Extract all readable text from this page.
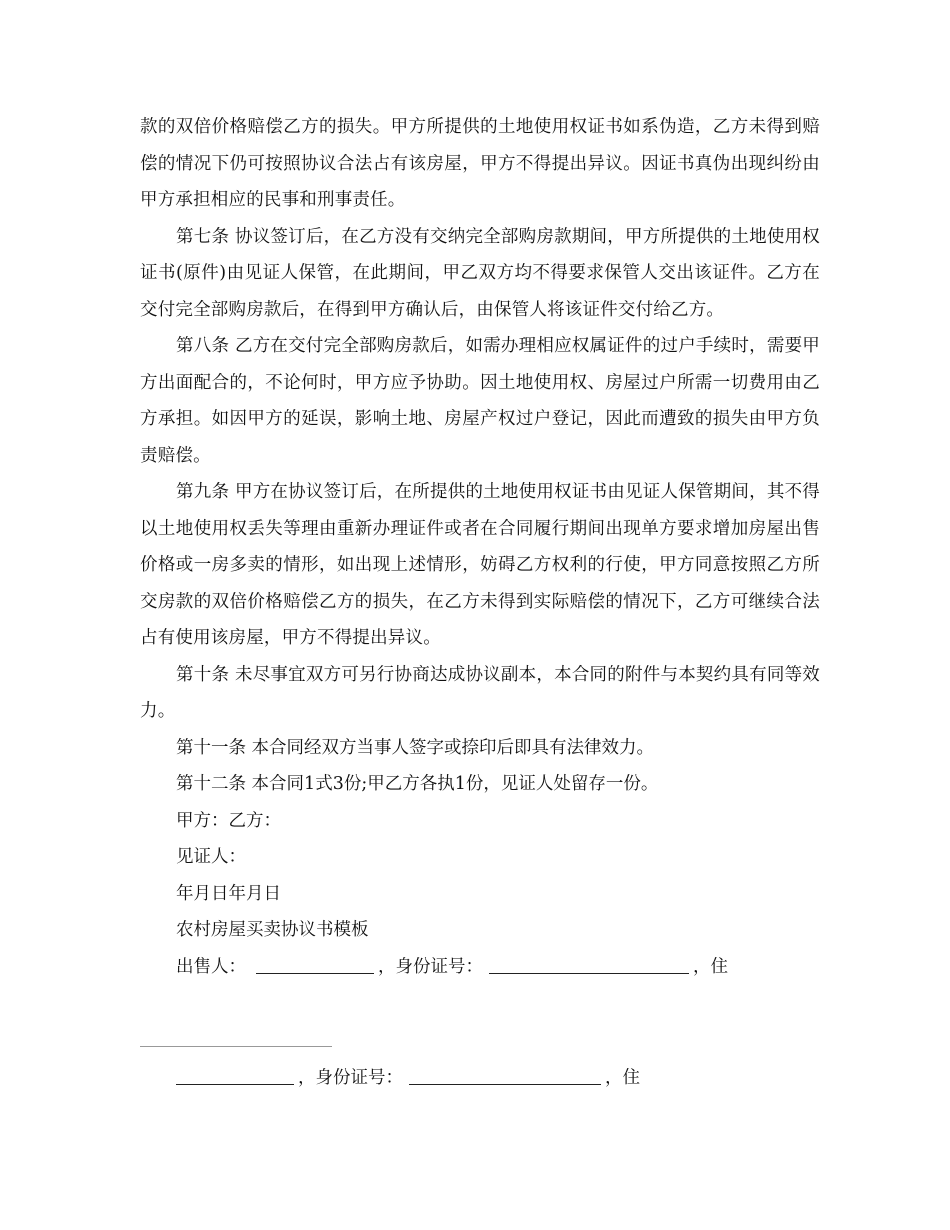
款的双倍价格赔偿乙方的损失。甲方所提供的土地使用权证书如系伪造，乙方未得到赔偿的情况下仍可按照协议合法占有该房屋，甲方不得提出异议。因证书真伪出现纠纷由甲方承担相应的民事和刑事责任。

第七条 协议签订后，在乙方没有交纳完全部购房款期间，甲方所提供的土地使用权证书(原件)由见证人保管，在此期间，甲乙双方均不得要求保管人交出该证件。乙方在交付完全部购房款后，在得到甲方确认后，由保管人将该证件交付给乙方。

第八条 乙方在交付完全部购房款后，如需办理相应权属证件的过户手续时，需要甲方出面配合的，不论何时，甲方应予协助。因土地使用权、房屋过户所需一切费用由乙方承担。如因甲方的延误，影响土地、房屋产权过户登记，因此而遭致的损失由甲方负责赔偿。

第九条 甲方在协议签订后，在所提供的土地使用权证书由见证人保管期间，其不得以土地使用权丢失等理由重新办理证件或者在合同履行期间出现单方要求增加房屋出售价格或一房多卖的情形，如出现上述情形，妨碍乙方权利的行使，甲方同意按照乙方所交房款的双倍价格赔偿乙方的损失，在乙方未得到实际赔偿的情况下，乙方可继续合法占有使用该房屋，甲方不得提出异议。

第十条 未尽事宜双方可另行协商达成协议副本，本合同的附件与本契约具有同等效力。

第十一条 本合同经双方当事人签字或捺印后即具有法律效力。

第十二条 本合同1式3份;甲乙方各执1份，见证人处留存一份。

甲方：乙方：

见证人：

年月日年月日

农村房屋买卖协议书模板

出售人：	，身份证号：	，住

，身份证号：	，住
